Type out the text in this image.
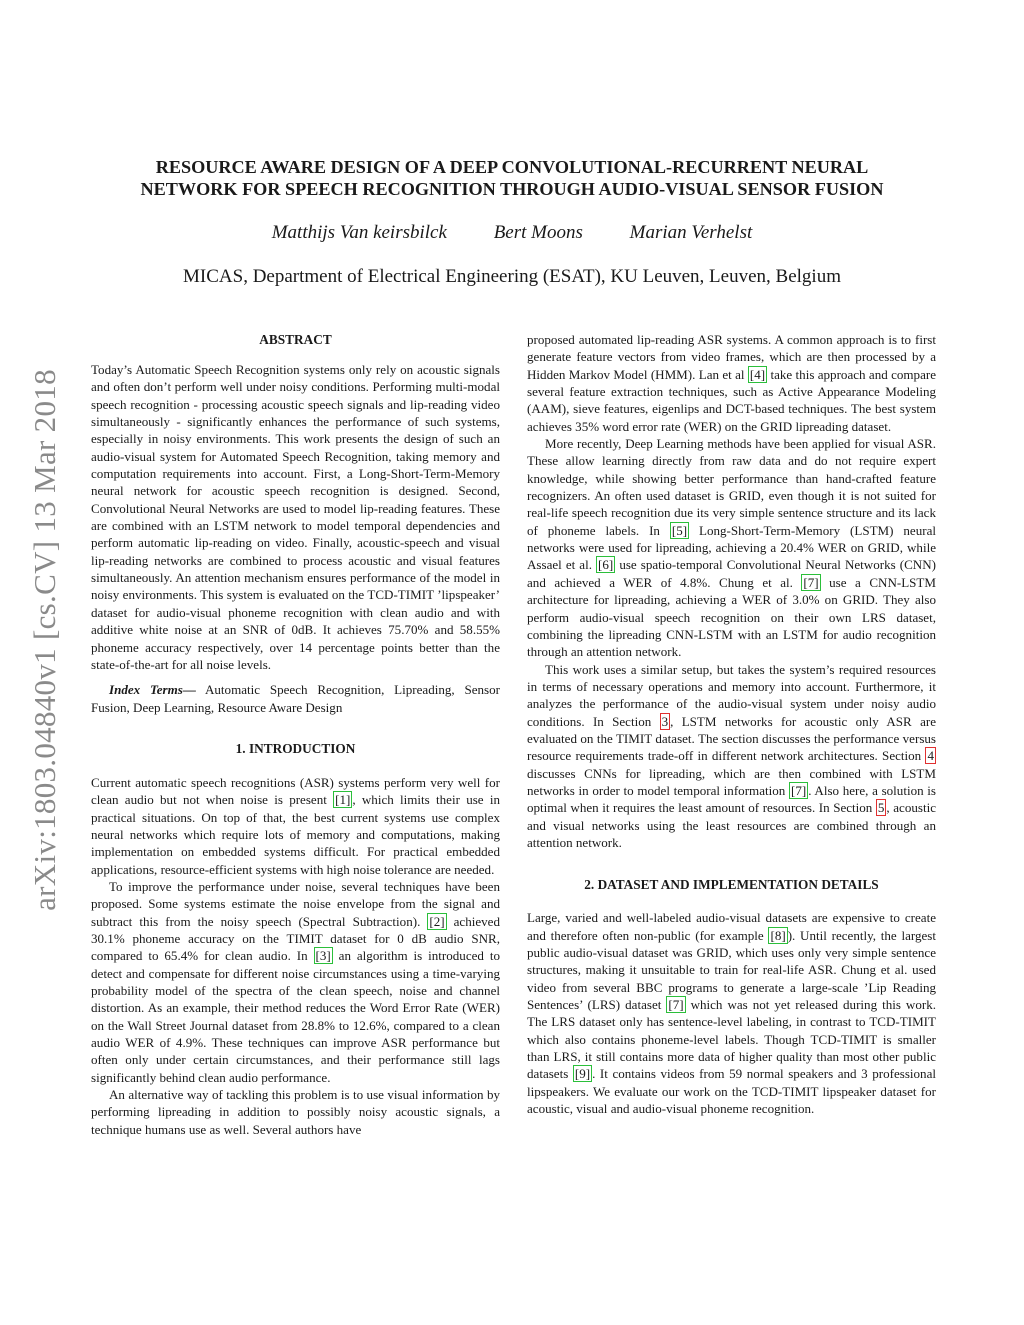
arXiv:1803.04840v1 [cs.CV] 13 Mar 2018
RESOURCE AWARE DESIGN OF A DEEP CONVOLUTIONAL-RECURRENT NEURAL
NETWORK FOR SPEECH RECOGNITION THROUGH AUDIO-VISUAL SENSOR FUSION
Matthijs Van keirsbilck Bert Moons Marian Verhelst
MICAS, Department of Electrical Engineering (ESAT), KU Leuven, Leuven, Belgium
ABSTRACT

Today’s Automatic Speech Recognition systems only rely on acoustic signals and often don’t perform well under noisy conditions. Performing multi-modal speech recognition - processing acoustic speech signals and lip-reading video simultaneously - significantly enhances the performance of such systems, especially in noisy environments. This work presents the design of such an audio-visual system for Automated Speech Recognition, taking memory and computation requirements into account. First, a Long-Short-Term-Memory neural network for acoustic speech recognition is designed. Second, Convolutional Neural Networks are used to model lip-reading features. These are combined with an LSTM network to model temporal dependencies and perform automatic lip-reading on video. Finally, acoustic-speech and visual lip-reading networks are combined to process acoustic and visual features simultaneously. An attention mechanism ensures performance of the model in noisy environments. This system is evaluated on the TCD-TIMIT ’lipspeaker’ dataset for audio-visual phoneme recognition with clean audio and with additive white noise at an SNR of 0dB. It achieves 75.70% and 58.55% phoneme accuracy respectively, over 14 percentage points better than the state-of-the-art for all noise levels.

Index Terms— Automatic Speech Recognition, Lipreading, Sensor Fusion, Deep Learning, Resource Aware Design

1. INTRODUCTION

Current automatic speech recognitions (ASR) systems perform very well for clean audio but not when noise is present [1] , which limits their use in practical situations. On top of that, the best current systems use complex neural networks which require lots of memory and computations, making implementation on embedded systems difficult. For practical embedded applications, resource-efficient systems with high noise tolerance are needed.

To improve the performance under noise, several techniques have been proposed. Some systems estimate the noise envelope from the signal and subtract this from the noisy speech (Spectral Subtraction). [2] achieved 30.1% phoneme accuracy on the TIMIT dataset for 0 dB audio SNR, compared to 65.4% for clean audio. In [3] an algorithm is introduced to detect and compensate for different noise circumstances using a time-varying probability model of the spectra of the clean speech, noise and channel distortion. As an example, their method reduces the Word Error Rate (WER) on the Wall Street Journal dataset from 28.8% to 12.6%, compared to a clean audio WER of 4.9%. These techniques can improve ASR performance but often only under certain circumstances, and their performance still lags significantly behind clean audio performance.

An alternative way of tackling this problem is to use visual information by performing lipreading in addition to possibly noisy acoustic signals, a technique humans use as well. Several authors have

proposed automated lip-reading ASR systems. A common approach is to first generate feature vectors from video frames, which are then processed by a Hidden Markov Model (HMM). Lan et al [4] take this approach and compare several feature extraction techniques, such as Active Appearance Modeling (AAM), sieve features, eigenlips and DCT-based techniques. The best system achieves 35% word error rate (WER) on the GRID lipreading dataset.

More recently, Deep Learning methods have been applied for visual ASR. These allow learning directly from raw data and do not require expert knowledge, while showing better performance than hand-crafted feature recognizers. An often used dataset is GRID, even though it is not suited for real-life speech recognition due its very simple sentence structure and its lack of phoneme labels. In [5] Long-Short-Term-Memory (LSTM) neural networks were used for lipreading, achieving a 20.4% WER on GRID, while Assael et al. [6] use spatio-temporal Convolutional Neural Networks (CNN) and achieved a WER of 4.8%. Chung et al. [7] use a CNN-LSTM architecture for lipreading, achieving a WER of 3.0% on GRID. They also perform audio-visual speech recognition on their own LRS dataset, combining the lipreading CNN-LSTM with an LSTM for audio recognition through an attention network.

This work uses a similar setup, but takes the system’s required resources in terms of necessary operations and memory into account. Furthermore, it analyzes the performance of the audio-visual system under noisy audio conditions. In Section 3 , LSTM networks for acoustic only ASR are evaluated on the TIMIT dataset. The section discusses the performance versus resource requirements trade-off in different network architectures. Section 4 discusses CNNs for lipreading, which are then combined with LSTM networks in order to model temporal information [7] . Also here, a solution is optimal when it requires the least amount of resources. In Section 5 , acoustic and visual networks using the least resources are combined through an attention network.

2. DATASET AND IMPLEMENTATION DETAILS

Large, varied and well-labeled audio-visual datasets are expensive to create and therefore often non-public (for example [8] ). Until recently, the largest public audio-visual dataset was GRID, which uses only very simple sentence structures, making it unsuitable to train for real-life ASR. Chung et al. used video from several BBC programs to generate a large-scale ’Lip Reading Sentences’ (LRS) dataset [7] which was not yet released during this work. The LRS dataset only has sentence-level labeling, in contrast to TCD-TIMIT which also contains phoneme-level labels. Though TCD-TIMIT is smaller than LRS, it still contains more data of higher quality than most other public datasets [9] . It contains videos from 59 normal speakers and 3 professional lipspeakers. We evaluate our work on the TCD-TIMIT lipspeaker dataset for acoustic, visual and audio-visual phoneme recognition.
